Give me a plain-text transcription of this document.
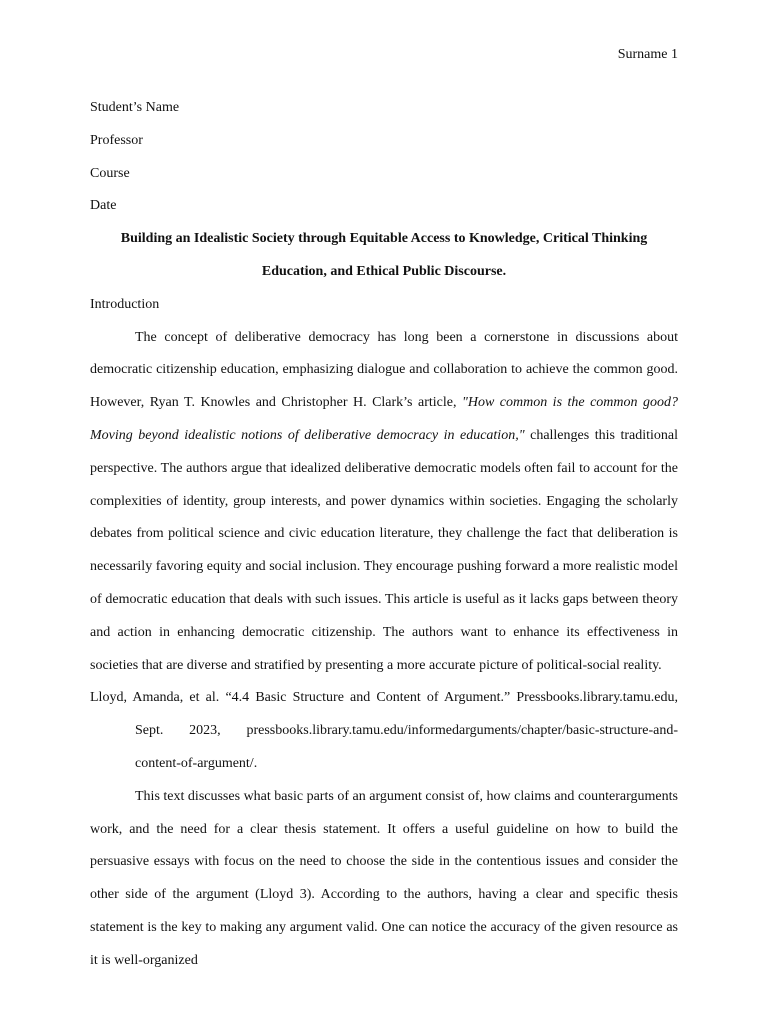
Surname 1

Student’s Name

Professor

Course

Date

Building an Idealistic Society through Equitable Access to Knowledge, Critical Thinking

Education, and Ethical Public Discourse.

Introduction

The concept of deliberative democracy has long been a cornerstone in discussions about democratic citizenship education, emphasizing dialogue and collaboration to achieve the common good. However, Ryan T. Knowles and Christopher H. Clark’s article, "How common is the common good? Moving beyond idealistic notions of deliberative democracy in education," challenges this traditional perspective. The authors argue that idealized deliberative democratic models often fail to account for the complexities of identity, group interests, and power dynamics within societies. Engaging the scholarly debates from political science and civic education literature, they challenge the fact that deliberation is necessarily favoring equity and social inclusion. They encourage pushing forward a more realistic model of democratic education that deals with such issues. This article is useful as it lacks gaps between theory and action in enhancing democratic citizenship. The authors want to enhance its effectiveness in societies that are diverse and stratified by presenting a more accurate picture of political-social reality.

Lloyd, Amanda, et al. “4.4 Basic Structure and Content of Argument.” Pressbooks.library.tamu.edu, Sept. 2023, pressbooks.library.tamu.edu/informedarguments/chapter/basic-structure-and-content-of-argument/.

This text discusses what basic parts of an argument consist of, how claims and counterarguments work, and the need for a clear thesis statement. It offers a useful guideline on how to build the persuasive essays with focus on the need to choose the side in the contentious issues and consider the other side of the argument (Lloyd 3). According to the authors, having a clear and specific thesis statement is the key to making any argument valid. One can notice the accuracy of the given resource as it is well-organized
